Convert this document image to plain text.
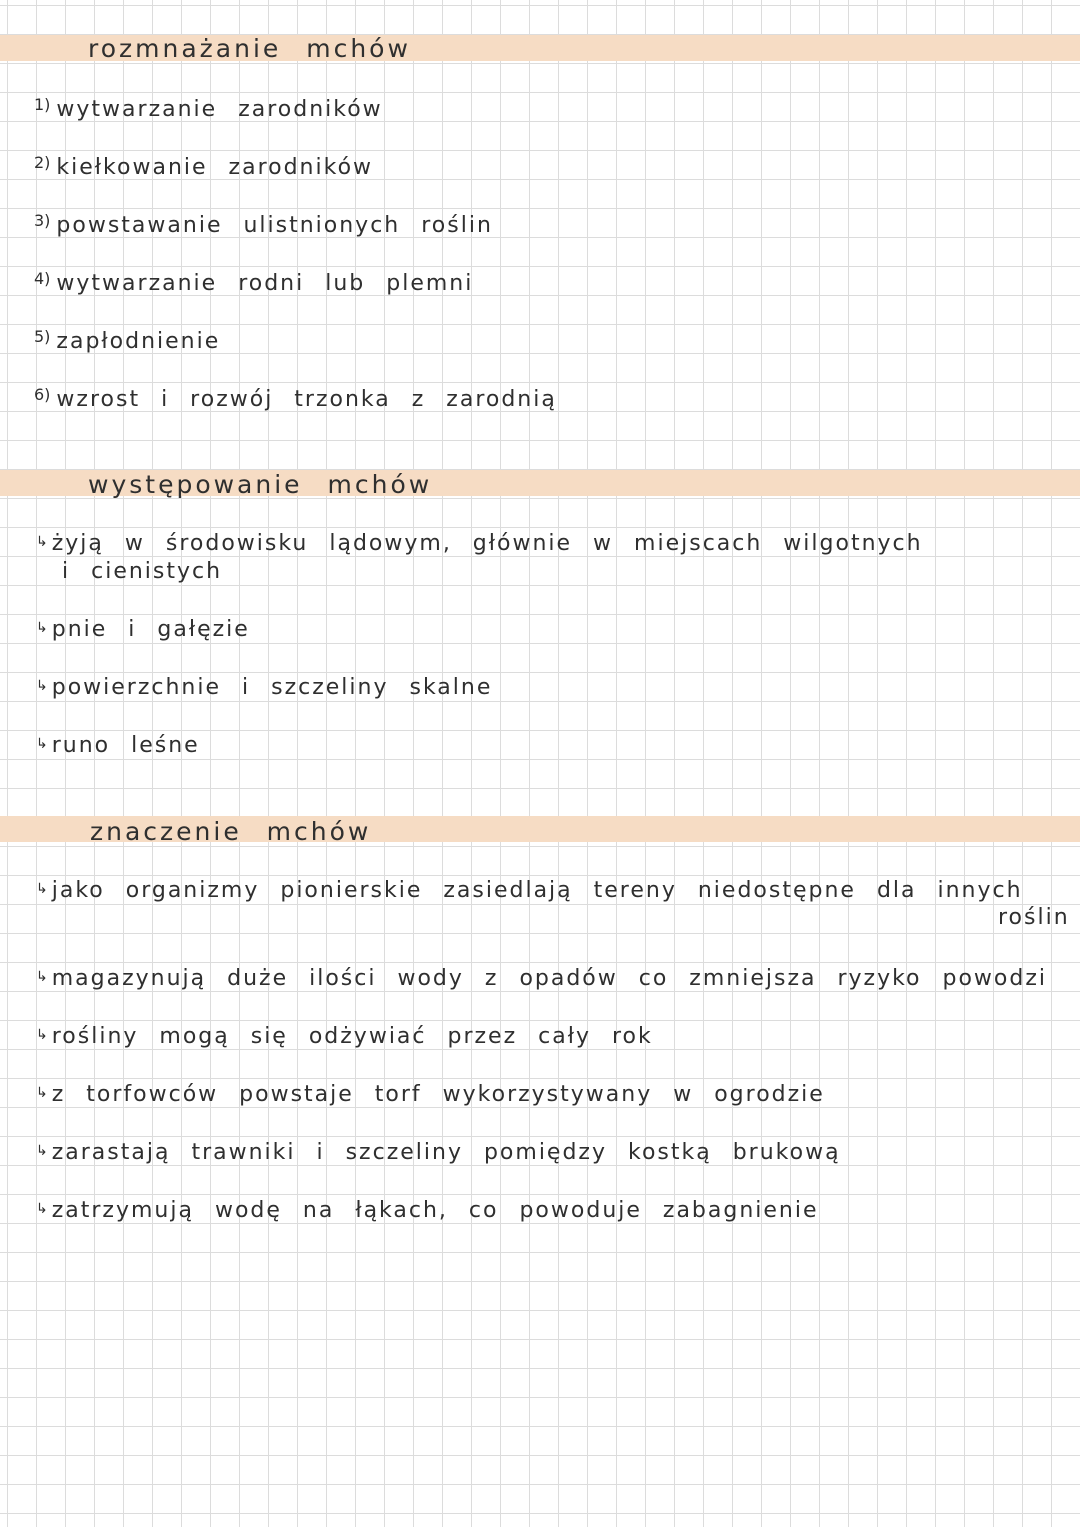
rozmnażanie mchów
$^{1)}$ wytwarzanie zarodników
$^{2)}$ kiełkowanie zarodników
$^{3)}$ powstawanie ulistnionych roślin
$^{4)}$ wytwarzanie rodni lub plemni
$^{5)}$ zapłodnienie
$^{6)}$ wzrost i rozwój trzonka z zarodnią
występowanie mchów
↳ żyją w środowisku lądowym, głównie w miejscach wilgotnych
i cienistych
↳ pnie i gałęzie
↳ powierzchnie i szczeliny skalne
↳ runo leśne
znaczenie mchów
↳ jako organizmy pionierskie zasiedlają tereny niedostępne dla innych
roślin
↳ magazynują duże ilości wody z opadów co zmniejsza ryzyko powodzi
↳ rośliny mogą się odżywiać przez cały rok
↳ z torfowców powstaje torf wykorzystywany w ogrodzie
↳ zarastają trawniki i szczeliny pomiędzy kostką brukową
↳ zatrzymują wodę na łąkach, co powoduje zabagnienie
